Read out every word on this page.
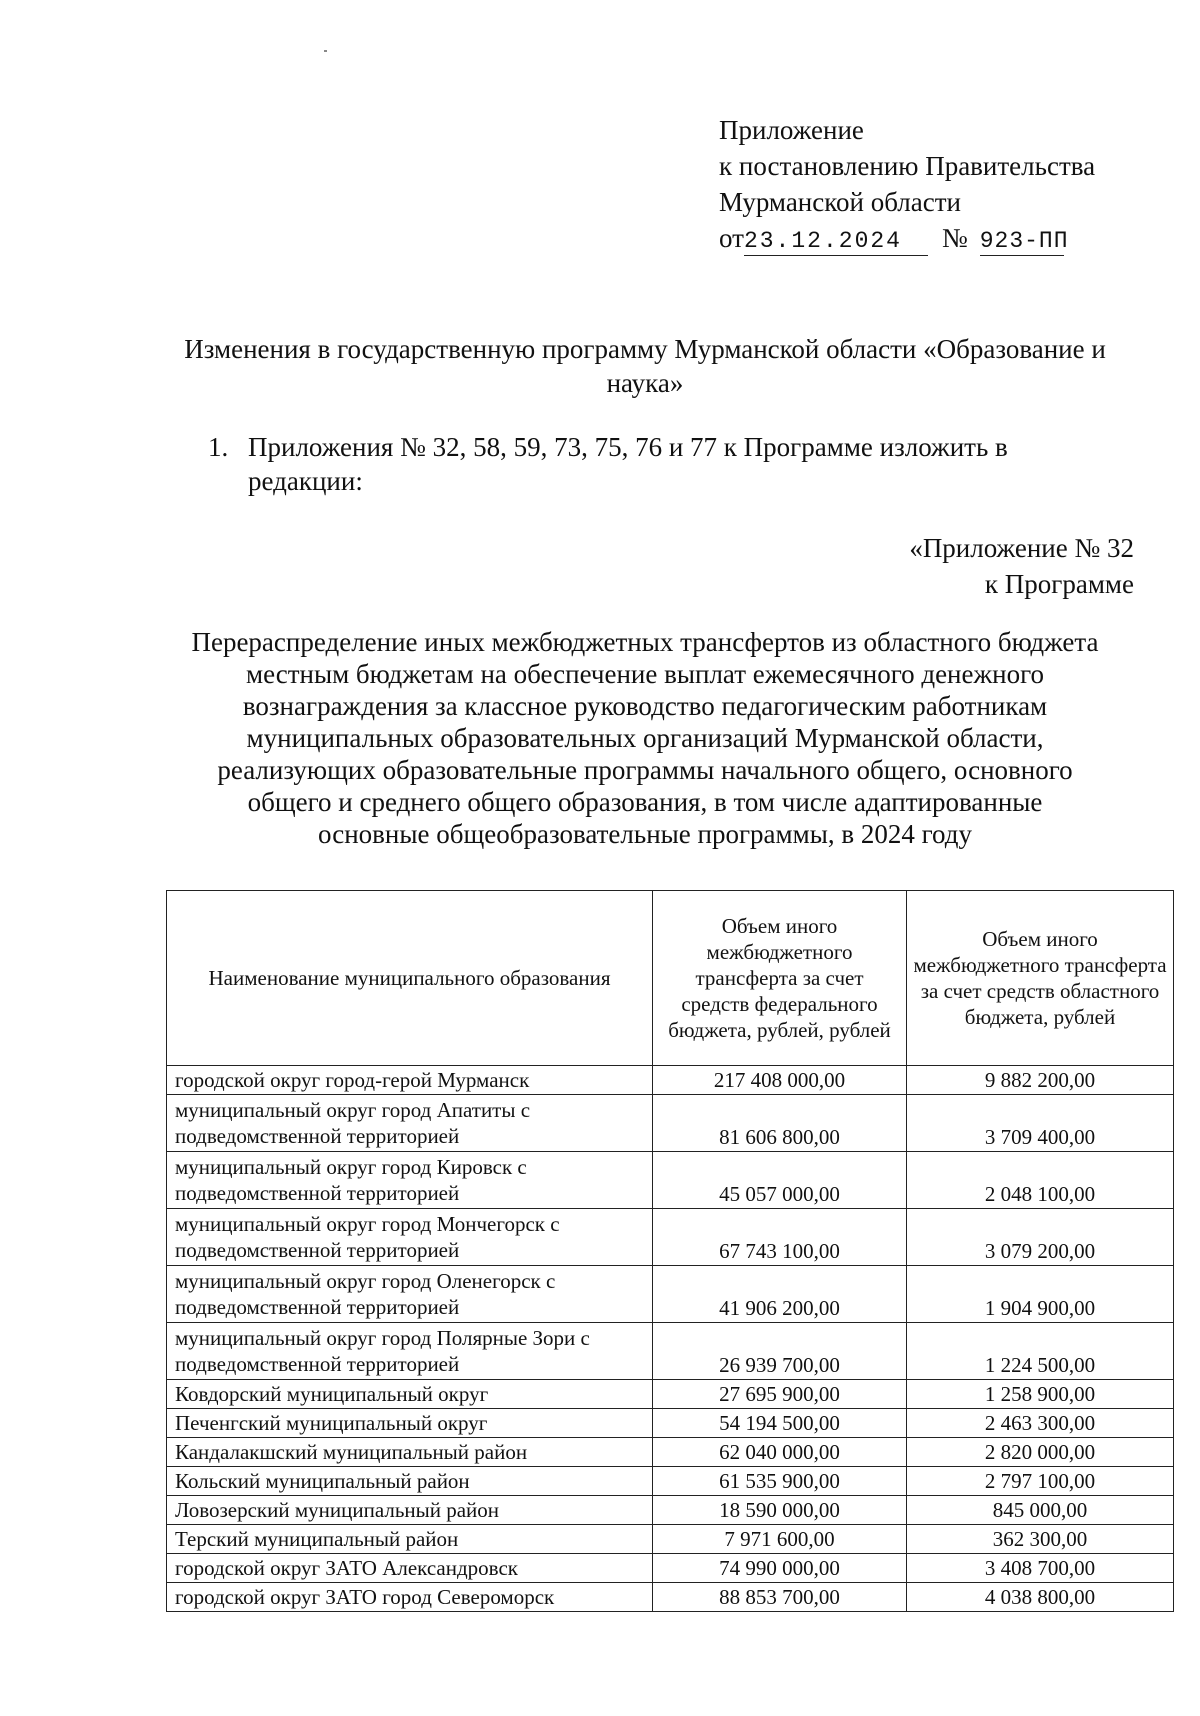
Приложение
к постановлению Правительства
Мурманской области
от 23.12.2024	№ 923-ПП
Изменения в государственную программу Мурманской области «Образование и наука»
1. Приложения № 32, 58, 59, 73, 75, 76 и 77 к Программе изложить в редакции:
«Приложение № 32
к Программе
Перераспределение иных межбюджетных трансфертов из областного бюджета
местным бюджетам на обеспечение выплат ежемесячного денежного
вознаграждения за классное руководство педагогическим работникам
муниципальных образовательных организаций Мурманской области,
реализующих образовательные программы начального общего, основного
общего и среднего общего образования, в том числе адаптированные
основные общеобразовательные программы, в 2024 году
Наименование муниципального образования	Объем иного межбюджетного трансферта за счет средств федерального бюджета, рублей, рублей	Объем иного межбюджетного трансферта за счет средств областного бюджета, рублей
городской округ город-герой Мурманск	217 408 000,00	9 882 200,00

муниципальный округ город Апатиты с подведомственной территорией	81 606 800,00	3 709 400,00

муниципальный округ город Кировск с подведомственной территорией	45 057 000,00	2 048 100,00

муниципальный округ город Мончегорск с подведомственной территорией	67 743 100,00	3 079 200,00

муниципальный округ город Оленегорск с подведомственной территорией	41 906 200,00	1 904 900,00

муниципальный округ город Полярные Зори с подведомственной территорией	26 939 700,00	1 224 500,00

Ковдорский муниципальный округ	27 695 900,00	1 258 900,00

Печенгский муниципальный округ	54 194 500,00	2 463 300,00

Кандалакшский муниципальный район	62 040 000,00	2 820 000,00

Кольский муниципальный район	61 535 900,00	2 797 100,00

Ловозерский муниципальный район	18 590 000,00	845 000,00

Терский муниципальный район	7 971 600,00	362 300,00

городской округ ЗАТО Александровск	74 990 000,00	3 408 700,00

городской округ ЗАТО город Североморск	88 853 700,00	4 038 800,00
